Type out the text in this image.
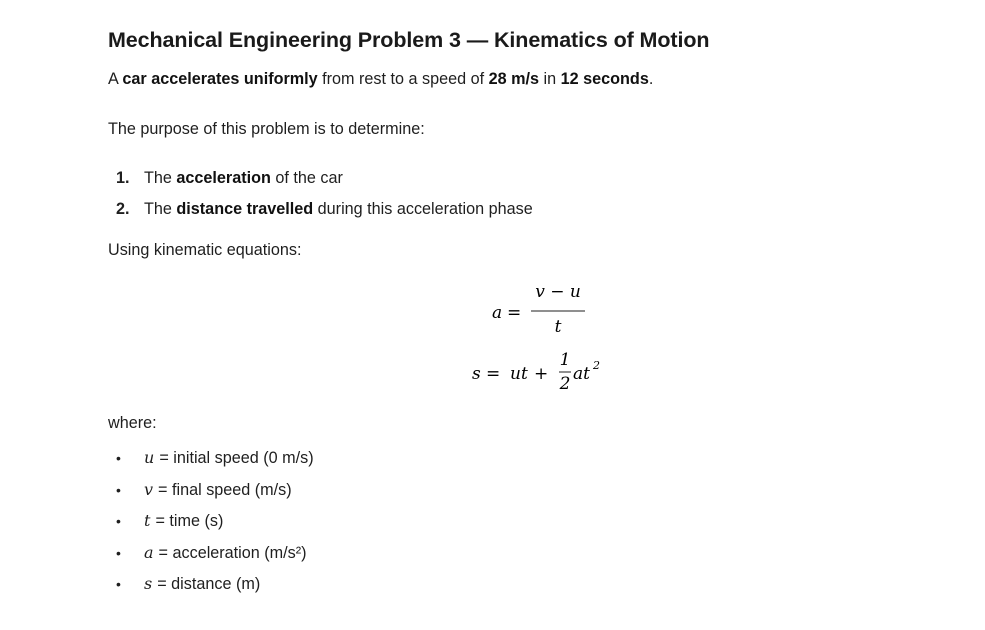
Mechanical Engineering Problem 3 — Kinematics of Motion

A car accelerates uniformly from rest to a speed of 28 m/s in 12 seconds.

The purpose of this problem is to determine:

1. The acceleration of the car
2. The distance travelled during this acceleration phase

Using kinematic equations:

a =
v − u
t
s = ut +
1
2 at 2

where:

•	u = initial speed (0 m/s)
•	v = final speed (m/s)
•	t = time (s)
•	a = acceleration (m/s²)
•	s = distance (m)
